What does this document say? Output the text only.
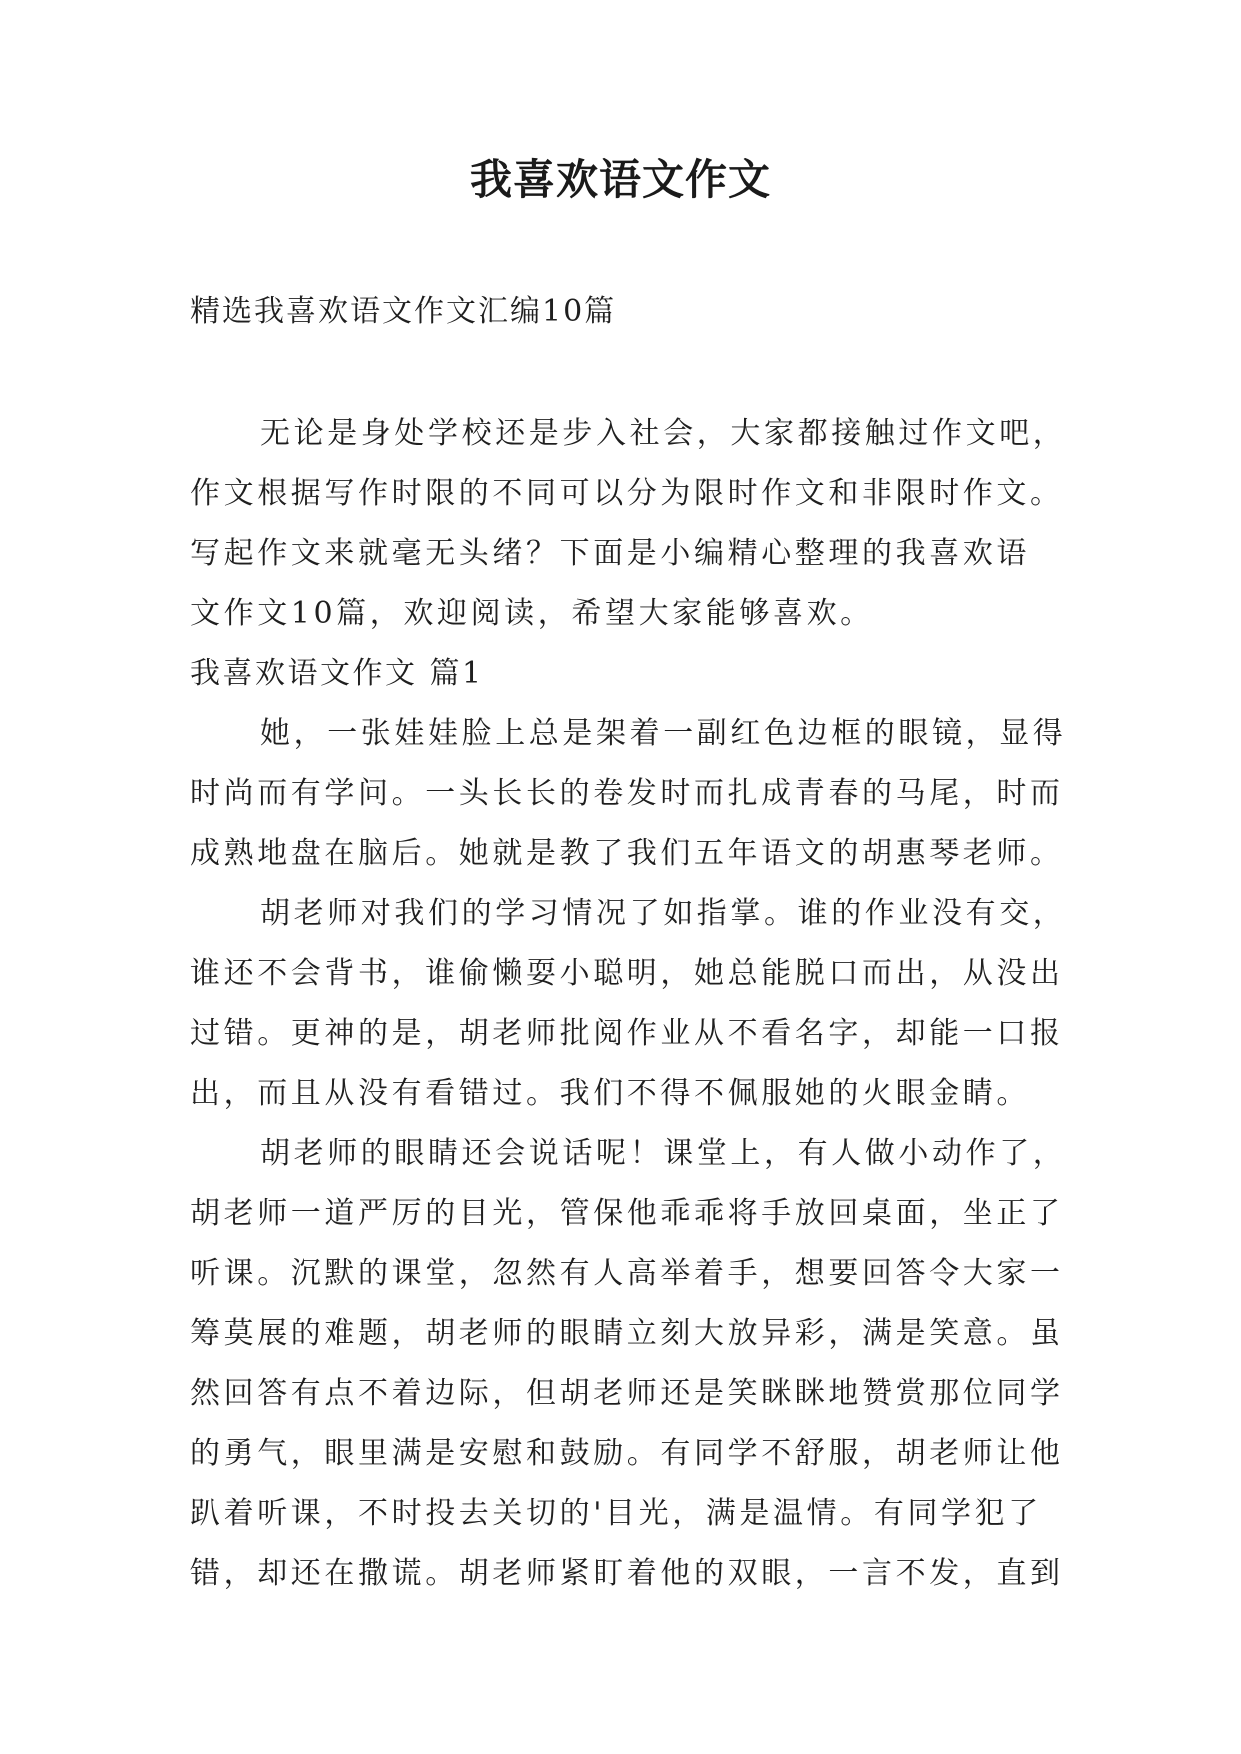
我喜欢语文作文
精选我喜欢语文作文汇编10篇
无论是身处学校还是步入社会，大家都接触过作文吧，
作文根据写作时限的不同可以分为限时作文和非限时作文。
写起作文来就毫无头绪？下面是小编精心整理的我喜欢语
文作文10篇，欢迎阅读，希望大家能够喜欢。
我喜欢语文作文 篇1
她，一张娃娃脸上总是架着一副红色边框的眼镜，显得
时尚而有学问。一头长长的卷发时而扎成青春的马尾，时而
成熟地盘在脑后。她就是教了我们五年语文的胡惠琴老师。
胡老师对我们的学习情况了如指掌。谁的作业没有交，
谁还不会背书，谁偷懒耍小聪明，她总能脱口而出，从没出
过错。更神的是，胡老师批阅作业从不看名字，却能一口报
出，而且从没有看错过。我们不得不佩服她的火眼金睛。
胡老师的眼睛还会说话呢！课堂上，有人做小动作了，
胡老师一道严厉的目光，管保他乖乖将手放回桌面，坐正了
听课。沉默的课堂，忽然有人高举着手，想要回答令大家一
筹莫展的难题，胡老师的眼睛立刻大放异彩，满是笑意。虽
然回答有点不着边际，但胡老师还是笑眯眯地赞赏那位同学
的勇气，眼里满是安慰和鼓励。有同学不舒服，胡老师让他
趴着听课，不时投去关切的'目光，满是温情。有同学犯了
错，却还在撒谎。胡老师紧盯着他的双眼，一言不发，直到
